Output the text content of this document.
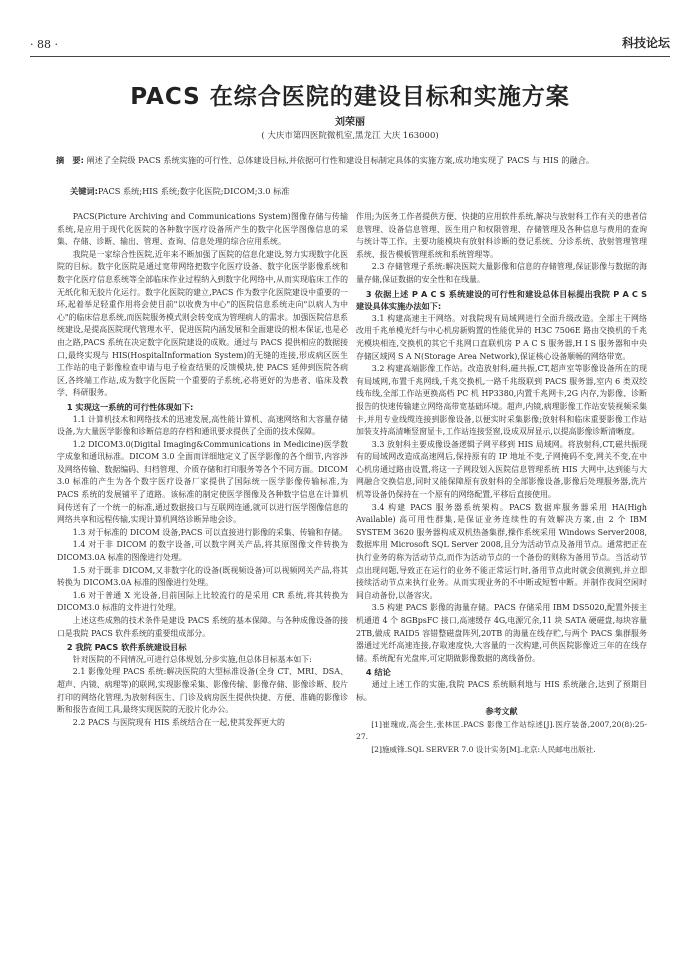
· 88 ·	科技论坛
PACS 在综合医院的建设目标和实施方案
刘荣丽
( 大庆市第四医院微机室,黑龙江 大庆 163000)
摘　要: 阐述了全院级 PACS 系统实施的可行性、总体建设目标,并依据可行性和建设目标制定具体的实施方案,成功地实现了 PACS 与 HIS 的融合。
关键词:PACS 系统;HIS 系统;数字化医院;DICOM;3.0 标准

PACS(Picture Archiving and Communications System)图像存储与传输系统,是应用于现代化医院的各种数字医疗设备所产生的数字化医学图像信息的采集、存储、诊断、输出、管理、查询、信息处理的综合应用系统。

我院是一家综合性医院,近年来不断加强了医院的信息化建设,努力实现数字化医院的目标。数字化医院是通过宽带网络把数字化医疗设备、数字化医学影像系统和数字化医疗信息系统等全部临床作业过程纳入到数字化网络中,从而实现临床工作的无纸化和无胶片化运行。数字化医院的建立,PACS 作为数字化医院建设中重要的一环,起着举足轻重作用将会使目前"以收费为中心"的医院信息系统走向"以病人为中心"的临床信息系统,而医院服务模式则会转变成为管理病人的需求。加强医院信息系统建设,是提高医院现代管理水平、促进医院内涵发展和全面建设的根本保证,也是必由之路,PACS 系统在决定数字化医院建设的成败。通过与 PACS 提供相应的数据接口,最终实现与 HIS(HospitalInformation System)的无缝的连接,形成病区医生工作站的电子影像检查申请与电子检查结果的反馈模块,使 PACS 延伸到医院各病区,各终端工作站,成为数字化医院一个重要的子系统,必将更好的为患者、临床及教学、科研服务。

1 实现这一系统的可行性体现如下:

1.1 计算机技术和网络技术的迅速发展,高性能计算机、高速网络和大容量存储设备,为大量医学影像和诊断信息的存档和通讯要求提供了全面的技术保障。

1.2 DICOM3.0(Digital Imaging&Communications in Medicine)医学数字成象和通讯标准。DICOM 3.0 全面而详细地定义了医学影像的各个细节,内容涉及网络传输、数据编码、归档管理、介质存储和打印服务等各个不同方面。DICOM 3.0 标准的产生为各个数字医疗设备厂家提供了国际统一医学影像传输标准,为 PACS 系统的发展铺平了道路。该标准的制定使医学图像及各种数字信息在计算机间传送有了一个统一的标准,通过数据接口与互联网连通,就可以进行医学图像信息的网络共享和远程传输,实现计算机网络诊断异地会诊。

1.3 对于标准的 DICOM 设备,PACS 可以直接进行影像的采集、传输和存储。

1.4 对于非 DICOM 的数字设备,可以数字网关产品,将其原图像文件转换为 DICOM3.0A 标准的图像进行处理。

1.5 对于既非 DICOM,又非数字化的设备(既视频设备)可以视频网关产品,将其转换为 DICOM3.0A 标准的图像进行处理。

1.6 对于普通 X 光设备,目前国际上比较流行的是采用 CR 系统,将其转换为 DICOM3.0 标准的文件进行处理。

上述这些成熟的技术条件是建设 PACS 系统的基本保障。与各种成像设备的接口是我院 PACS 软件系统的重要组成部分。

2 我院 PACS 软件系统建设目标

针对医院的不同情况,可进行总体规划,分步实施,但总体目标基本如下:

2.1 影像处理 PACS 系统:解决医院的大型标准设备(全身 CT、MRI、DSA、超声、内镜、病理等)的联网,实现影像采集、影像传输、影像存储、影像诊断、胶片打印的网络化管理,为放射科医生、门诊及病房医生提供快捷、方便、准确的影像诊断和报告查阅工具,最终实现医院的无胶片化办公。

2.2 PACS 与医院现有 HIS 系统结合在一起,使其发挥更大的

作用;为医务工作者提供方便、快捷的应用软件系统,解决与放射科工作有关的患者信息管理、设备信息管理、医生用户和权限管理、存储管理及各种信息与费用的查询与统计等工作。主要功能模块有放射科诊断的登记系统、分诊系统、放射管理管理系统、报告模板管理系统和系统管理等。

2.3 存储管理子系统:解决医院大量影像和信息的存储管理,保证影像与数据的海量存储,保证数据的安全性和在线量。

3 依据上述 P A C S 系统建设的可行性和建设总体目标提出我院 P A C S 建设具体实施办法如下:

3.1 构建高速主干网络。对我院现有局域网进行全面升级改造。全部主干网络改用千兆单模光纤与中心机房新购置的性能优异的 H3C 7506E 路由交换机的千兆光模块相连,交换机的其它千兆网口直联机房 P A C S 服务器,H I S 服务器和中央存储区域网 S A N(Storage Area Network),保证核心设备顺畅的网络带宽。

3.2 构建高端影像工作站。改造放射科,磁共振,CT,超声室等影像设备所在的现有局域网,布置千兆网线,千兆交换机,一路千兆级联到 PACS 服务器,室内 6 类双绞线布线,全部工作站更换高档 PC 机 HP3380,内置千兆网卡,2G 内存,为影像、诊断报告的快速传输建立网络高带宽基础环境。超声,内镜,病理影像工作站安装视频采集卡,并用专业线缆连接到影像设备,以便实时采集影像;放射科和临床重要影像工作站加装支持高清晰竖窗显卡,工作站连接竖窗,设成双屏显示,以提高影像诊断清晰度。

3.3 放射科主要成像设备逻辑子网平移到 HIS 局域网。将放射科,CT,磁共振现有的局域网改造成高速网后,保持原有的 IP 地址不变,子网掩码不变,网关不变,在中心机房通过路由设置,将这一子网段划入医院信息管理系统 HIS 大网中,达到能与大网融合交换信息,同时又能保障原有放射科的全部影像设备,影像后处理服务器,洗片机等设备仍保持在一个原有的网络配置,平移后直接使用。

3.4 构建 PACS 服务器系统架构。PACS 数据库服务器采用 HA(High Available) 高可用性群集,是保证业务连续性的有效解决方案,由 2 个 IBM SYSTEM 3620 服务器构成双机热备集群,操作系统采用 Windows Server2008,数据库用 Microsoft SQL Server 2008,且分为活动节点及备用节点。通常把正在执行业务的称为活动节点,而作为活动节点的一个备份的则称为备用节点。当活动节点出现问题,导致正在运行的业务不能正常运行时,备用节点此时就会侦测到,并立即接续活动节点来执行业务。从而实现业务的不中断或短暂中断。并制作夜间空闲时间自动备份,以备容灾。

3.5 构建 PACS 影像的海量存储。PACS 存储采用 IBM DS5020,配置外接主机通道 4 个 8GBpsFC 接口,高速缓存 4G,电源冗余,11 块 SATA 硬磁盘,每块容量 2TB,做成 RAID5 容错整磁盘阵列,20TB 的海量在线存贮,与两个 PACS 集群服务器通过光纤高速连接,存取速度快,大容量的一次构建,可供医院影像近三年的在线存储。系统配有光盘库,可定期做影像数据的离线备份。

4 结论

通过上述工作的实施,我院 PACS 系统顺利地与 HIS 系统融合,达到了预期目标。

参考文献

[1]崔瑰成,高会生,张林匡.PACS 影像工作站综述[J].医疗装备,2007,20(8):25-27.

[2]施威锋.SQL SERVER 7.0 设计实务[M].北京:人民邮电出版社.
